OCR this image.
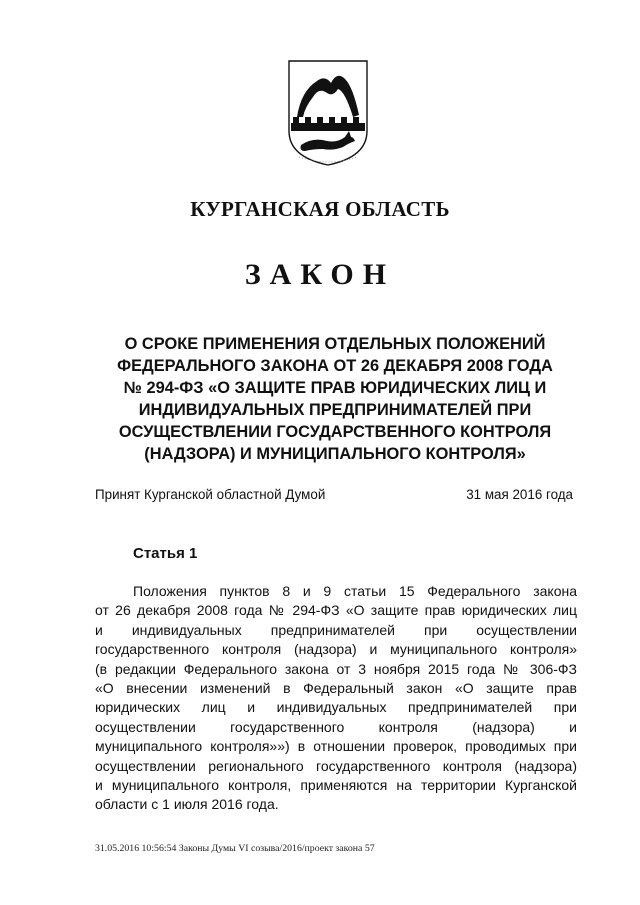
КУРГАНСКАЯ ОБЛАСТЬ
ЗАКОН
О СРОКЕ ПРИМЕНЕНИЯ ОТДЕЛЬНЫХ ПОЛОЖЕНИЙ
ФЕДЕРАЛЬНОГО ЗАКОНА ОТ 26 ДЕКАБРЯ 2008 ГОДА
№ 294-ФЗ «О ЗАЩИТЕ ПРАВ ЮРИДИЧЕСКИХ ЛИЦ И
ИНДИВИДУАЛЬНЫХ ПРЕДПРИНИМАТЕЛЕЙ ПРИ
ОСУЩЕСТВЛЕНИИ ГОСУДАРСТВЕННОГО КОНТРОЛЯ
(НАДЗОРА) И МУНИЦИПАЛЬНОГО КОНТРОЛЯ»
Принят Курганской областной Думой	31 мая 2016 года
Статья 1
Положения пунктов 8 и 9 статьи 15 Федерального закона
от 26 декабря 2008 года № 294-ФЗ «О защите прав юридических лиц
и индивидуальных предпринимателей при осуществлении
государственного контроля (надзора) и муниципального контроля»
(в редакции Федерального закона от 3 ноября 2015 года № 306-ФЗ
«О внесении изменений в Федеральный закон «О защите прав
юридических лиц и индивидуальных предпринимателей при
осуществлении государственного контроля (надзора) и
муниципального контроля»») в отношении проверок, проводимых при
осуществлении регионального государственного контроля (надзора)
и муниципального контроля, применяются на территории Курганской
области с 1 июля 2016 года.
31.05.2016 10:56:54 Законы Думы VI созыва/2016/проект закона 57
